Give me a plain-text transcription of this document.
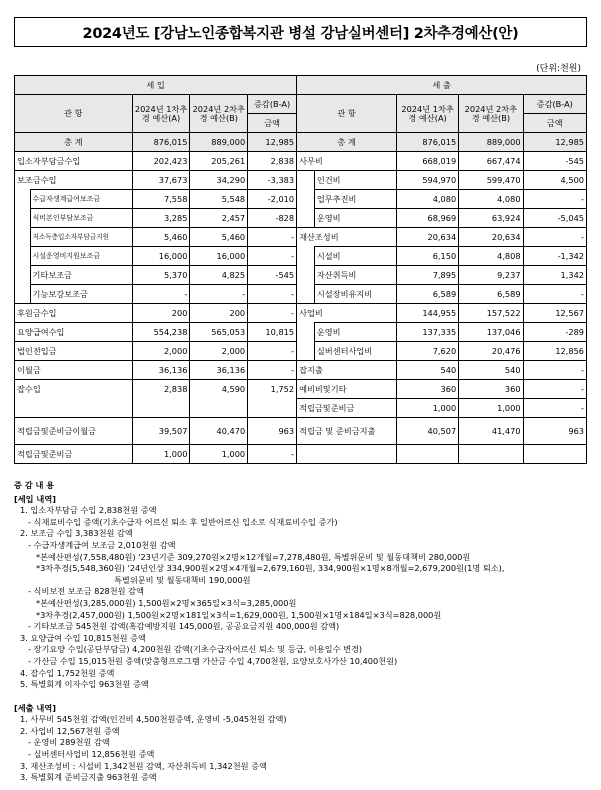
2024년도 [강남노인종합복지관 병설 강남실버센터] 2차추경예산(안)
(단위:천원)
세 입					세 출				
관 항		2024년 1차추경 예산(A)	2024년 2차추경 예산(B)	증감(B-A)	관 항		2024년 1차추경 예산(A)	2024년 2차추경 예산(B)	증감(B-A)
				금액					금액
총 계		876,015	889,000	12,985	총 계		876,015	889,000	12,985
입소자부담금수입		202,423	205,261	2,838	사무비		668,019	667,474	-545
보조금수입		37,673	34,290	-3,383		인건비	594,970	599,470	4,500
	수급자생계급여보조금	7,558	5,548	-2,010		업무추진비	4,080	4,080	-
	식비본인부담보조금	3,285	2,457	-828		운영비	68,969	63,924	-5,045
	저소득층입소자부담금지원	5,460	5,460	-	재산조성비		20,634	20,634	-
	시설운영비지원보조금	16,000	16,000	-		시설비	6,150	4,808	-1,342
	기타보조금	5,370	4,825	-545		자산취득비	7,895	9,237	1,342
	기능보강보조금	-	-	-		시설장비유지비	6,589	6,589	-
후원금수입		200	200	-	사업비		144,955	157,522	12,567
요양급여수입		554,238	565,053	10,815		운영비	137,335	137,046	-289
법인전입금		2,000	2,000	-		실버센터사업비	7,620	20,476	12,856
이월금		36,136	36,136	-	잡지출		540	540	-
잡수입		2,838	4,590	1,752	예비비및기타		360	360	-
					적립금및준비금		1,000	1,000	-
적립금및준비금이월금		39,507	40,470	963	적립금 및 준비금지출		40,507	41,470	963
적립금및준비금		1,000	1,000	-					
증 감 내 용
[세입 내역]
1. 입소자부담금 수입 2,838천원 증액
- 식재료비수입 증액(기초수급자 어르신 퇴소 후 일반어르신 입소로 식재료비수입 증가)
2. 보조금 수입 3,383천원 감액
- 수급자생계급여 보조금 2,010천원 감액
*본예산편성(7,558,480원) '23년기준 309,270원×2명×12개월=7,278,480원, 특별위문비 및 월동대책비 280,000원
*3차추경(5,548,360원) '24년인상 334,900원×2명×4개월=2,679,160원, 334,900원×1명×8개월=2,679,200원(1명 퇴소),
특별위문비 및 월동대책비 190,000원
- 식비보전 보조금 828천원 감액
*본예산편성(3,285,000원) 1,500원×2명×365일×3식=3,285,000원
*3차추경(2,457,000원) 1,500원×2명×181일×3식=1,629,000원, 1,500원×1명×184일×3식=828,000원
- 기타보조금 545천원 감액(혹감예방지원 145,000원, 공공요금지원 400,000원 감액)
3. 요양급여 수입 10,815천원 증액
- 장기요양 수입(공단부담금) 4,200천원 감액(기초수급자어르신 퇴소 및 등급, 이용일수 변경)
- 가산금 수입 15,015천원 증액(맞춤형프로그램 가산금 수입 4,700천원, 요양보호사가산 10,400천원)
4. 잡수입 1,752천원 증액
5. 특별회계 이자수입 963천원 증액
[세출 내역]
1. 사무비 545천원 감액(인건비 4,500천원증액, 운영비 -5,045천원 감액)
2. 사업비 12,567천원 증액
- 운영비 289천원 감액
- 실버센터사업비 12,856천원 증액
3. 재산조성비 : 시설비 1,342천원 감액, 자산취득비 1,342천원 증액
3. 특별회계 준비금지출 963천원 증액
